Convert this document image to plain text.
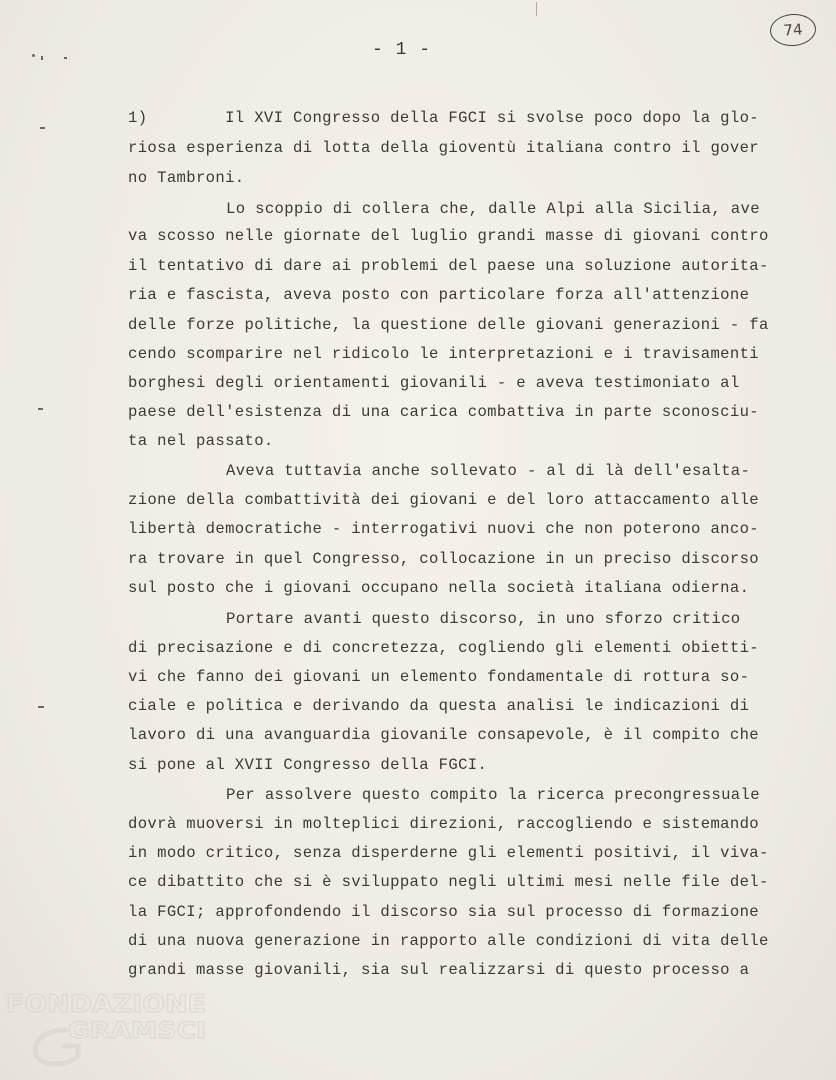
- 1 -
74
1)        Il XVI Congresso della FGCI si svolse poco dopo la glo-
riosa esperienza di lotta della gioventù italiana contro il gover
no Tambroni.
Lo scoppio di collera che, dalle Alpi alla Sicilia, ave
va scosso nelle giornate del luglio grandi masse di giovani contro
il tentativo di dare ai problemi del paese una soluzione autorita-
ria e fascista, aveva posto con particolare forza all'attenzione
delle forze politiche, la questione delle giovani generazioni - fa
cendo scomparire nel ridicolo le interpretazioni e i travisamenti
borghesi degli orientamenti giovanili - e aveva testimoniato al
paese dell'esistenza di una carica combattiva in parte sconosciu-
ta nel passato.
Aveva tuttavia anche sollevato - al di là dell'esalta-
zione della combattività dei giovani e del loro attaccamento alle
libertà democratiche - interrogativi nuovi che non poterono anco-
ra trovare in quel Congresso, collocazione in un preciso discorso
sul posto che i giovani occupano nella società italiana odierna.
Portare avanti questo discorso, in uno sforzo critico
di precisazione e di concretezza, cogliendo gli elementi obietti-
vi che fanno dei giovani un elemento fondamentale di rottura so-
ciale e politica e derivando da questa analisi le indicazioni di
lavoro di una avanguardia giovanile consapevole, è il compito che
si pone al XVII Congresso della FGCI.
Per assolvere questo compito la ricerca precongressuale
dovrà muoversi in molteplici direzioni, raccogliendo e sistemando
in modo critico, senza disperderne gli elementi positivi, il viva-
ce dibattito che si è sviluppato negli ultimi mesi nelle file del-
la FGCI; approfondendo il discorso sia sul processo di formazione
di una nuova generazione in rapporto alle condizioni di vita delle
grandi masse giovanili, sia sul realizzarsi di questo processo a
FONDAZIONE
GRAMSCI
